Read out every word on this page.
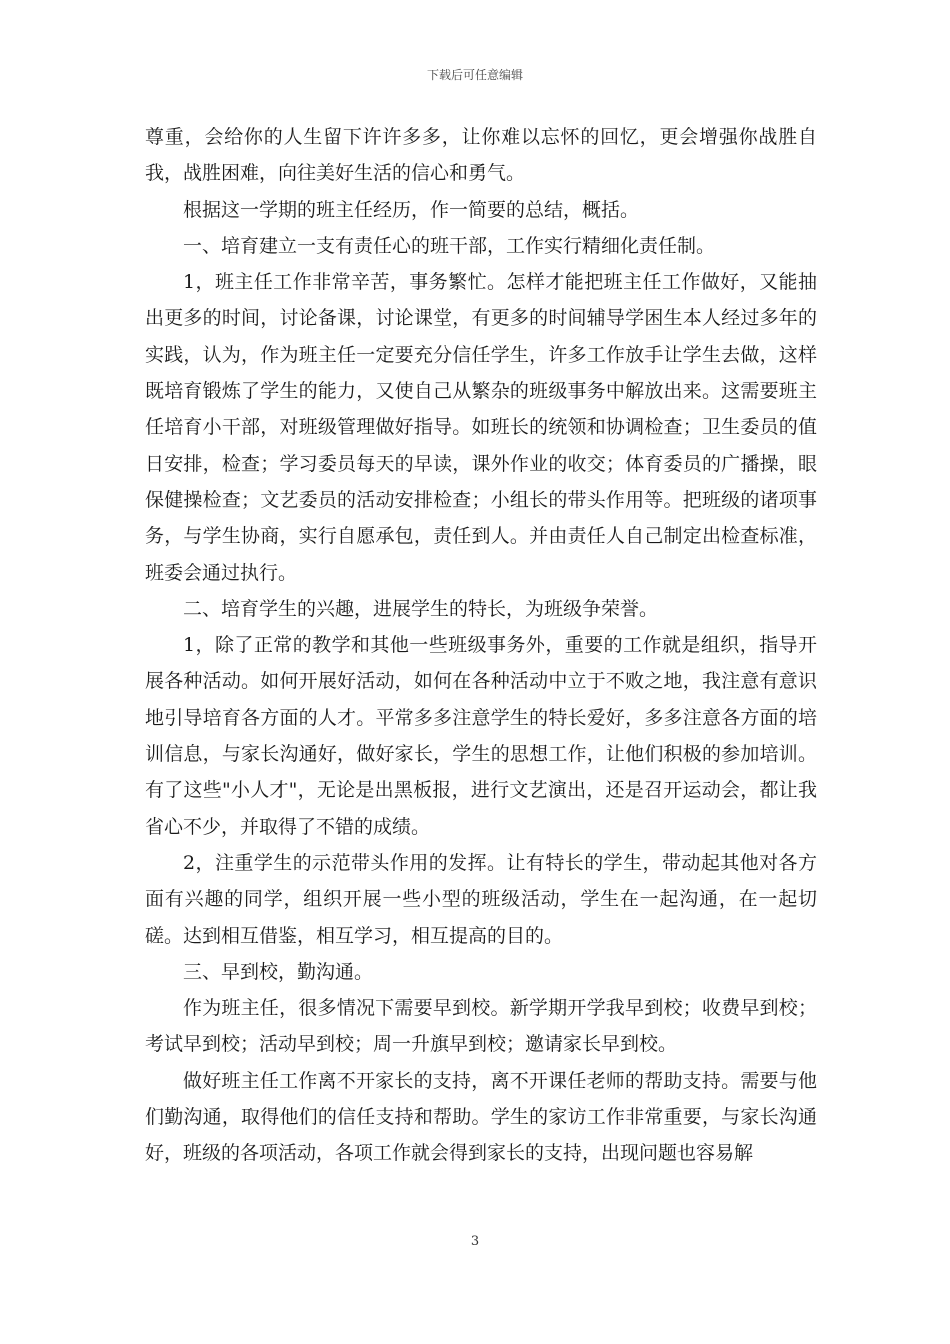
下载后可任意编辑

尊重，会给你的人生留下许许多多，让你难以忘怀的回忆，更会增强你战胜自我，战胜困难，向往美好生活的信心和勇气。

根据这一学期的班主任经历，作一简要的总结，概括。

一、培育建立一支有责任心的班干部，工作实行精细化责任制。

1，班主任工作非常辛苦，事务繁忙。怎样才能把班主任工作做好，又能抽出更多的时间，讨论备课，讨论课堂，有更多的时间辅导学困生本人经过多年的实践，认为，作为班主任一定要充分信任学生，许多工作放手让学生去做，这样既培育锻炼了学生的能力，又使自己从繁杂的班级事务中解放出来。这需要班主任培育小干部，对班级管理做好指导。如班长的统领和协调检查；卫生委员的值日安排，检查；学习委员每天的早读，课外作业的收交；体育委员的广播操，眼保健操检查；文艺委员的活动安排检查；小组长的带头作用等。把班级的诸项事务，与学生协商，实行自愿承包，责任到人。并由责任人自己制定出检查标准，班委会通过执行。

二、培育学生的兴趣，进展学生的特长，为班级争荣誉。

1，除了正常的教学和其他一些班级事务外，重要的工作就是组织，指导开展各种活动。如何开展好活动，如何在各种活动中立于不败之地，我注意有意识地引导培育各方面的人才。平常多多注意学生的特长爱好，多多注意各方面的培训信息，与家长沟通好，做好家长，学生的思想工作，让他们积极的参加培训。有了这些"小人才"，无论是出黑板报，进行文艺演出，还是召开运动会，都让我省心不少，并取得了不错的成绩。

2，注重学生的示范带头作用的发挥。让有特长的学生，带动起其他对各方面有兴趣的同学，组织开展一些小型的班级活动，学生在一起沟通，在一起切磋。达到相互借鉴，相互学习，相互提高的目的。

三、早到校，勤沟通。

作为班主任，很多情况下需要早到校。新学期开学我早到校；收费早到校；考试早到校；活动早到校；周一升旗早到校；邀请家长早到校。

做好班主任工作离不开家长的支持，离不开课任老师的帮助支持。需要与他们勤沟通，取得他们的信任支持和帮助。学生的家访工作非常重要，与家长沟通好，班级的各项活动，各项工作就会得到家长的支持，出现问题也容易解

3
